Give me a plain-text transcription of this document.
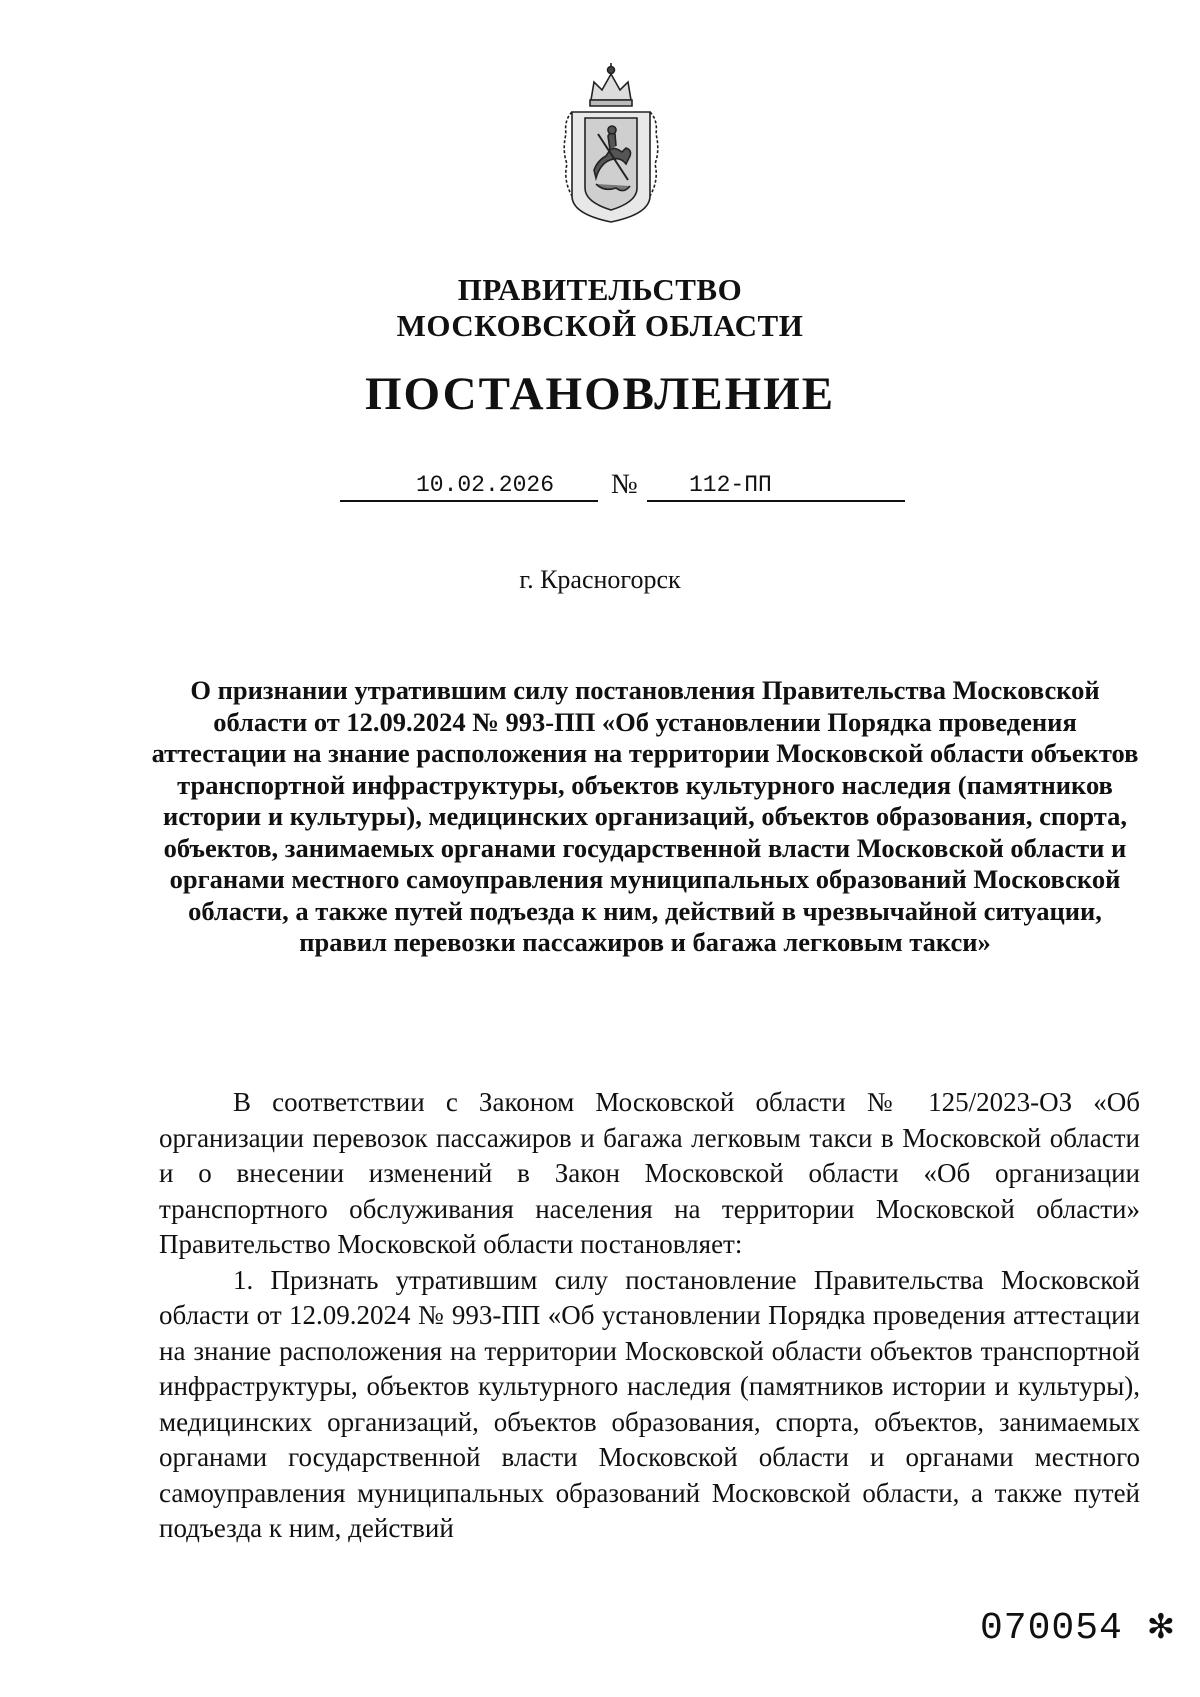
ПРАВИТЕЛЬСТВО
МОСКОВСКОЙ ОБЛАСТИ
ПОСТАНОВЛЕНИЕ
10.02.2026	№	112-ПП
г. Красногорск

О признании утратившим силу постановления Правительства Московской области от 12.09.2024 № 993-ПП «Об установлении Порядка проведения аттестации на знание расположения на территории Московской области объектов транспортной инфраструктуры, объектов культурного наследия (памятников истории и культуры), медицинских организаций, объектов образования, спорта, объектов, занимаемых органами государственной власти Московской области и органами местного самоуправления муниципальных образований Московской области, а также путей подъезда к ним, действий в чрезвычайной ситуации, правил перевозки пассажиров и багажа легковым такси»

В соответствии с Законом Московской области № 125/2023-ОЗ «Об организации перевозок пассажиров и багажа легковым такси в Московской области и о внесении изменений в Закон Московской области «Об организации транспортного обслуживания населения на территории Московской области» Правительство Московской области постановляет:

1. Признать утратившим силу постановление Правительства Московской области от 12.09.2024 № 993-ПП «Об установлении Порядка проведения аттестации на знание расположения на территории Московской области объектов транспортной инфраструктуры, объектов культурного наследия (памятников истории и культуры), медицинских организаций, объектов образования, спорта, объектов, занимаемых органами государственной власти Московской области и органами местного самоуправления муниципальных образований Московской области, а также путей подъезда к ним, действий

070054 ✻
